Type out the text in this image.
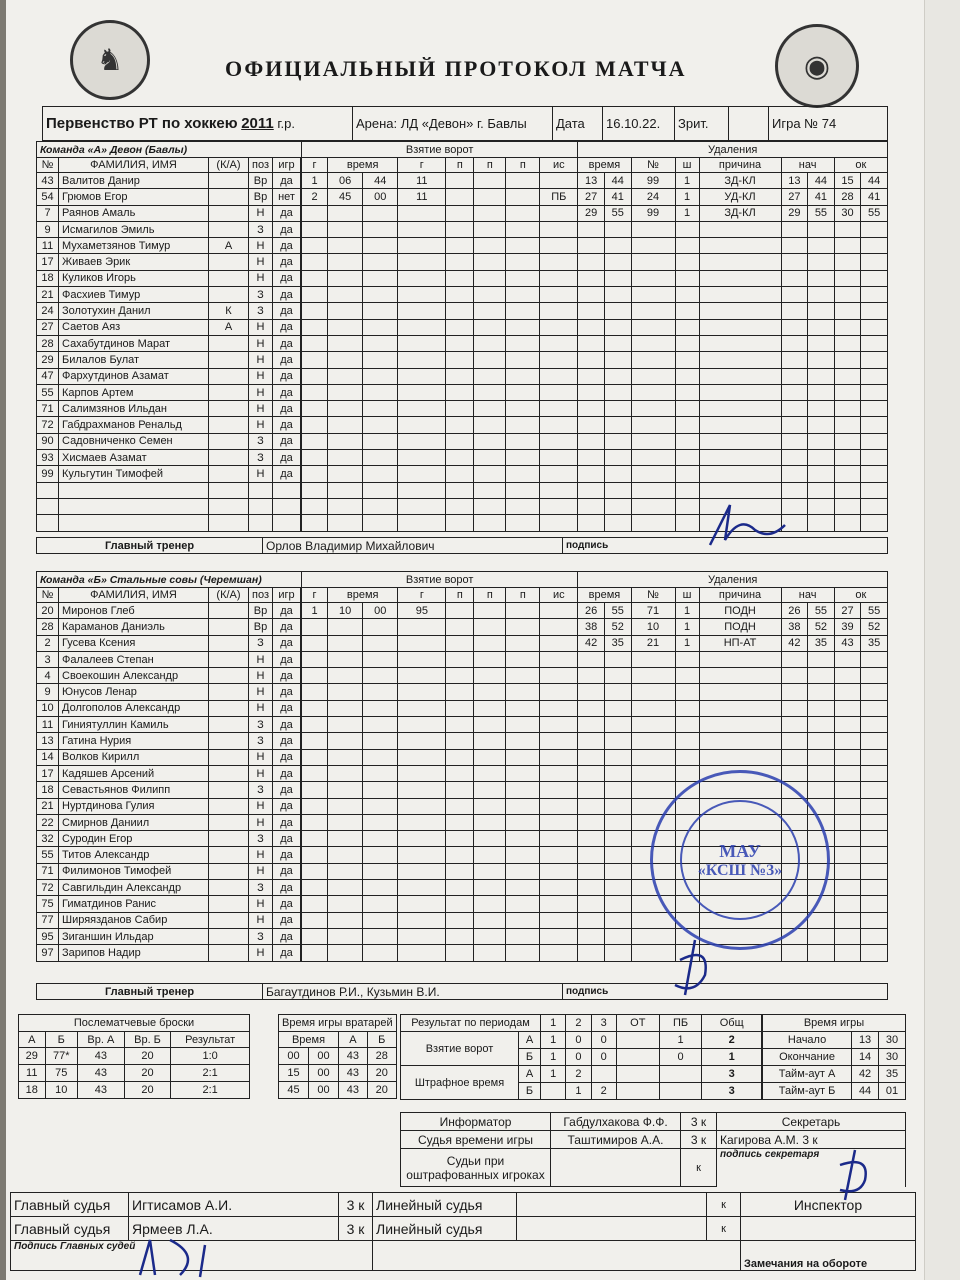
♞	◉
ОФИЦИАЛЬНЫЙ ПРОТОКОЛ МАТЧА
Первенство РТ по хоккею 2011 г.р.	Арена: ЛД «Девон» г. Бавлы	Дата	16.10.22.	Зрит.		Игра № 74
Команда «А» Девон (Бавлы)					Взятие ворот								Удаления								
№	ФАМИЛИЯ, ИМЯ	(К/А)	поз	игр		г	время		г	п	п	п	ис	время		№	ш	причина	нач		ок	
43	Валитов Данир		Вр	да		1	06	44	11					13	44	99	1	ЗД-КЛ	13	44	15	44
54	Грюмов Егор		Вр	нет		2	45	00	11				ПБ	27	41	24	1	УД-КЛ	27	41	28	41
7	Раянов Амаль		Н	да										29	55	99	1	ЗД-КЛ	29	55	30	55
9	Исмагилов Эмиль		З	да																		
11	Мухаметзянов Тимур	А	Н	да																		
17	Живаев Эрик		Н	да																		
18	Куликов Игорь		Н	да																		
21	Фасхиев Тимур		З	да																		
24	Золотухин Данил	К	З	да																		
27	Саетов Аяз	А	Н	да																		
28	Сахабутдинов Марат		Н	да																		
29	Билалов Булат		Н	да																		
47	Фархутдинов Азамат		Н	да																		
55	Карпов Артем		Н	да																		
71	Салимзянов Ильдан		Н	да																		
72	Габдрахманов Ренальд		Н	да																		
90	Садовниченко Семен		З	да																		
93	Хисмаев Азамат		З	да																		
99	Кульгутин Тимофей		Н	да																		

Главный тренер	Орлов Владимир Михайлович	подпись
Команда «Б» Стальные совы (Черемшан)					Взятие ворот								Удаления								
№	ФАМИЛИЯ, ИМЯ	(К/А)	поз	игр		г	время		г	п	п	п	ис	время		№	ш	причина	нач		ок	
20	Миронов Глеб		Вр	да		1	10	00	95					26	55	71	1	ПОДН	26	55	27	55
28	Караманов Даниэль		Вр	да										38	52	10	1	ПОДН	38	52	39	52
2	Гусева Ксения		З	да										42	35	21	1	НП-АТ	42	35	43	35
3	Фалалеев Степан		Н	да																		
4	Своекошин Александр		Н	да																		
9	Юнусов Ленар		Н	да																		
10	Долгополов Александр		Н	да																		
11	Гиниятуллин Камиль		З	да																		
13	Гатина Нурия		З	да																		
14	Волков Кирилл		Н	да																		
17	Кадяшев Арсений		Н	да																		
18	Севастьянов Филипп		З	да																		
21	Нуртдинова Гулия		Н	да																		
22	Смирнов Даниил		Н	да																		
32	Суродин Егор		З	да																		
55	Титов Александр		Н	да																		
71	Филимонов Тимофей		Н	да																		
72	Савгильдин Александр		З	да																		
75	Гиматдинов Ранис		Н	да																		
77	Ширяязданов Сабир		Н	да																		
95	Зиганшин Ильдар		З	да																		
97	Зарипов Надир		Н	да																		
Главный тренер	Багаутдинов Р.И., Кузьмин В.И.	подпись
Послематчевые броски				
А	Б	Вр. А	Вр. Б	Результат
29	77*	43	20	1:0
11	75	43	20	2:1
18	10	43	20	2:1
Время игры вратарей			
Время		А	Б
00	00	43	28
15	00	43	20
45	00	43	20
Результат по периодам		1	2	3	ОТ	ПБ	Общ
Взятие ворот	А	1	0	0		1	2
	Б	1	0	0		0	1
Штрафное время	А	1	2				3
	Б		1	2			3
Время игры		
Начало	13	30
Окончание	14	30
Тайм-аут А	42	35
Тайм-аут Б	44	01
Информатор	Габдулхакова Ф.Ф.	3 к	Секретарь
Судья времени игры	Таштимиров А.А.	3 к	Кагирова А.М. 3 к
Судьи при оштрафованных игроках		к	подпись секретаря
Главный судья	Игтисамов А.И.	3 к	Линейный судья		к	Инспектор
Главный судья	Ярмеев Л.А.	3 к	Линейный судья		к	
Подпись Главных судей						Замечания на обороте
МАУ
«КСШ №3»
